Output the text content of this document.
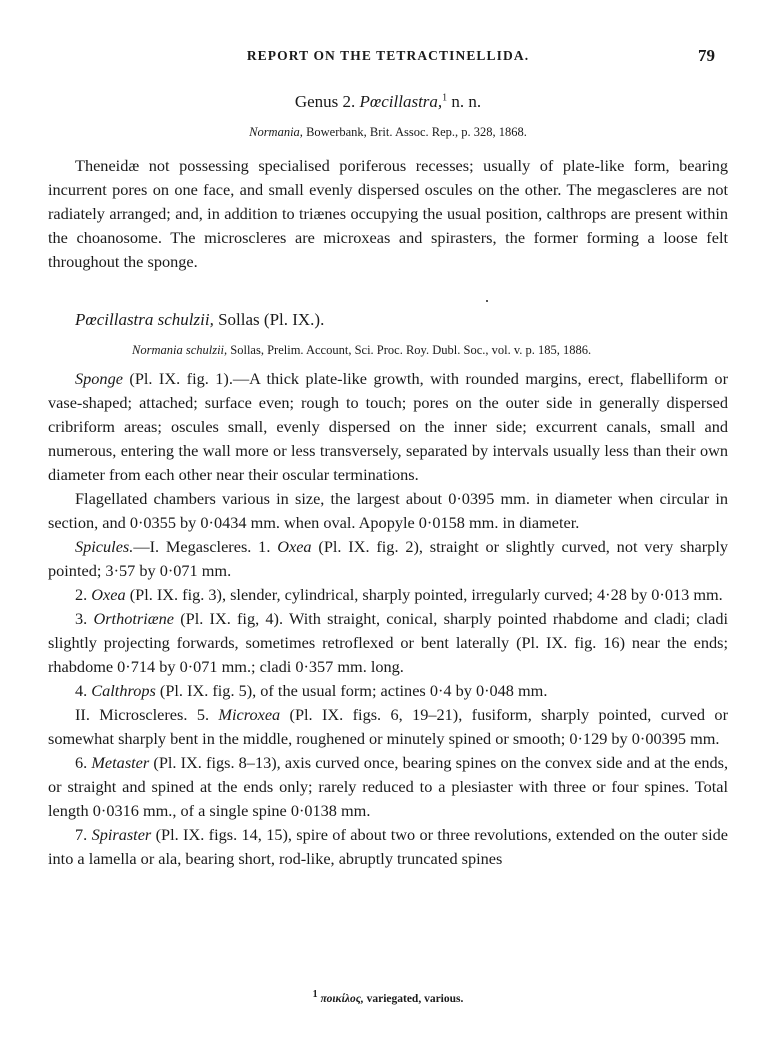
REPORT ON THE TETRACTINELLIDA.	79
Genus 2. Pœcillastra,$^1$ n. n.
Normania, Bowerbank, Brit. Assoc. Rep., p. 328, 1868.

Theneidæ not possessing specialised poriferous recesses; usually of plate-like form, bearing incurrent pores on one face, and small evenly dispersed oscules on the other. The megascleres are not radiately arranged; and, in addition to triænes occupying the usual position, calthrops are present within the choanosome. The microscleres are microxeas and spirasters, the former forming a loose felt throughout the sponge.

Pœcillastra schulzii, Sollas (Pl. IX.).
Normania schulzii, Sollas, Prelim. Account, Sci. Proc. Roy. Dubl. Soc., vol. v. p. 185, 1886.

Sponge (Pl. IX. fig. 1).—A thick plate-like growth, with rounded margins, erect, flabelliform or vase-shaped; attached; surface even; rough to touch; pores on the outer side in generally dispersed cribriform areas; oscules small, evenly dispersed on the inner side; excurrent canals, small and numerous, entering the wall more or less transversely, separated by intervals usually less than their own diameter from each other near their oscular terminations.

Flagellated chambers various in size, the largest about 0·0395 mm. in diameter when circular in section, and 0·0355 by 0·0434 mm. when oval. Apopyle 0·0158 mm. in diameter.

Spicules.—I. Megascleres. 1. Oxea (Pl. IX. fig. 2), straight or slightly curved, not very sharply pointed; 3·57 by 0·071 mm.

2. Oxea (Pl. IX. fig. 3), slender, cylindrical, sharply pointed, irregularly curved; 4·28 by 0·013 mm.

3. Orthotriæne (Pl. IX. fig, 4). With straight, conical, sharply pointed rhabdome and cladi; cladi slightly projecting forwards, sometimes retroflexed or bent laterally (Pl. IX. fig. 16) near the ends; rhabdome 0·714 by 0·071 mm.; cladi 0·357 mm. long.

4. Calthrops (Pl. IX. fig. 5), of the usual form; actines 0·4 by 0·048 mm.

II. Microscleres. 5. Microxea (Pl. IX. figs. 6, 19–21), fusiform, sharply pointed, curved or somewhat sharply bent in the middle, roughened or minutely spined or smooth; 0·129 by 0·00395 mm.

6. Metaster (Pl. IX. figs. 8–13), axis curved once, bearing spines on the convex side and at the ends, or straight and spined at the ends only; rarely reduced to a plesiaster with three or four spines. Total length 0·0316 mm., of a single spine 0·0138 mm.

7. Spiraster (Pl. IX. figs. 14, 15), spire of about two or three revolutions, extended on the outer side into a lamella or ala, bearing short, rod-like, abruptly truncated spines

$^1$ ποικίλος, variegated, various.
